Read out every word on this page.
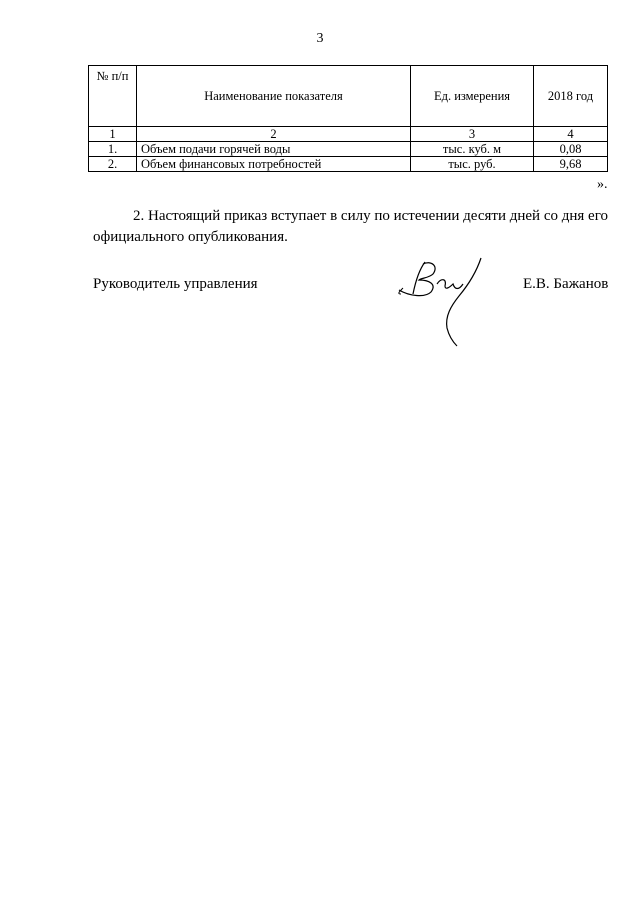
3
№ п/п	Наименование показателя	Ед. измерения	2018 год
1	2	3	4
1.	Объем подачи горячей воды	тыс. куб. м	0,08
2.	Объем финансовых потребностей	тыс. руб.	9,68
».

2. Настоящий приказ вступает в силу по истечении десяти дней со дня его официального опубликования.

Руководитель управления	Е.В. Бажанов
